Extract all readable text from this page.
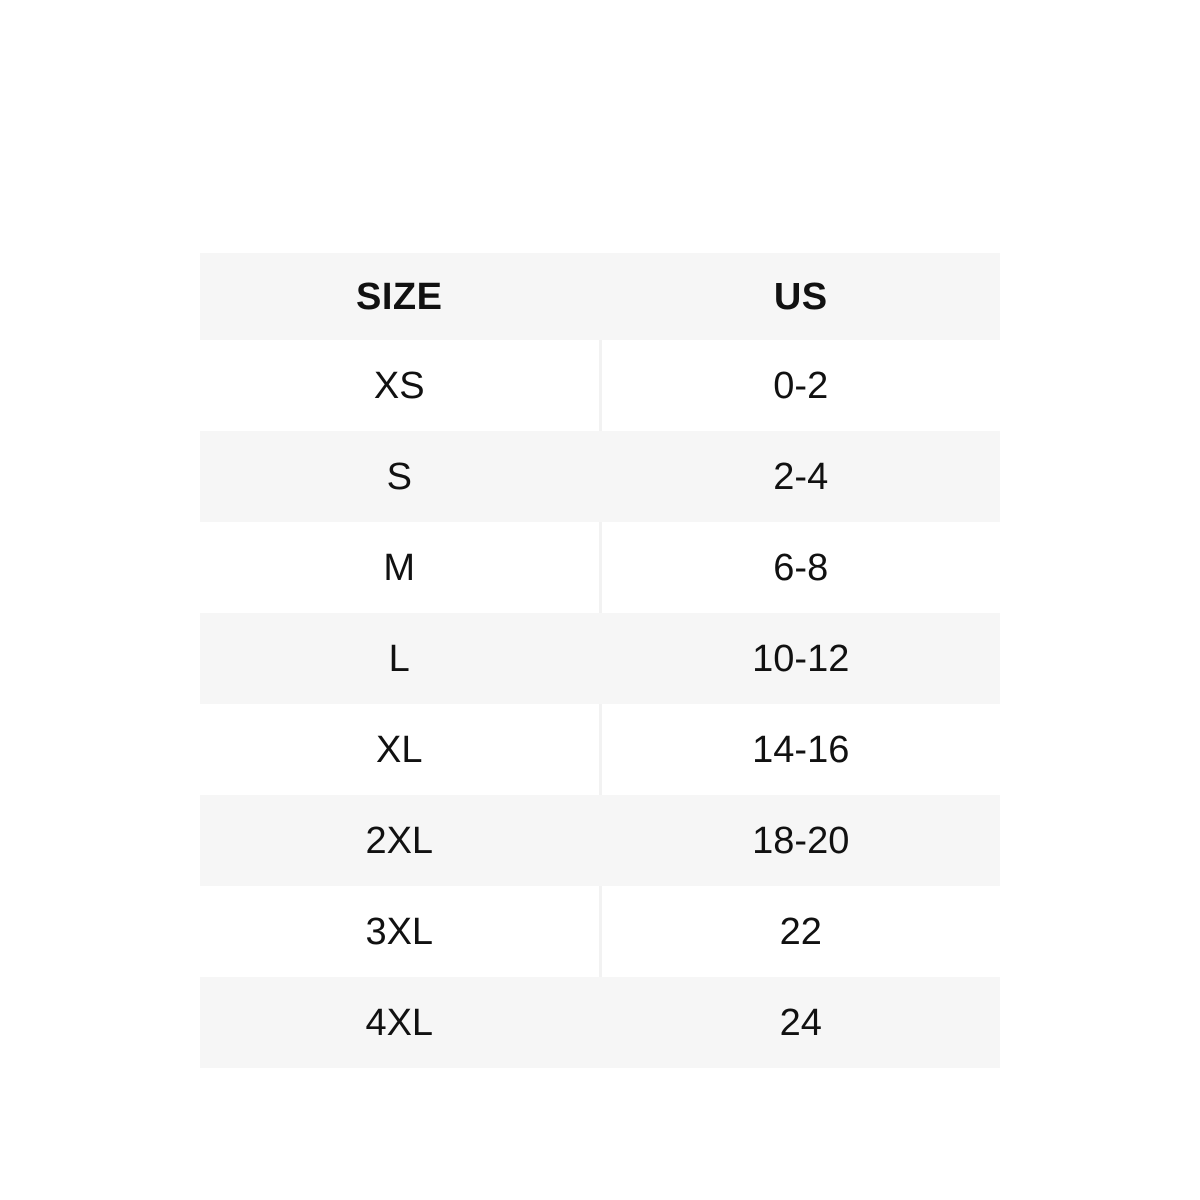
SIZE	US
XS	0-2
S	2-4
M	6-8
L	10-12
XL	14-16
2XL	18-20
3XL	22
4XL	24
